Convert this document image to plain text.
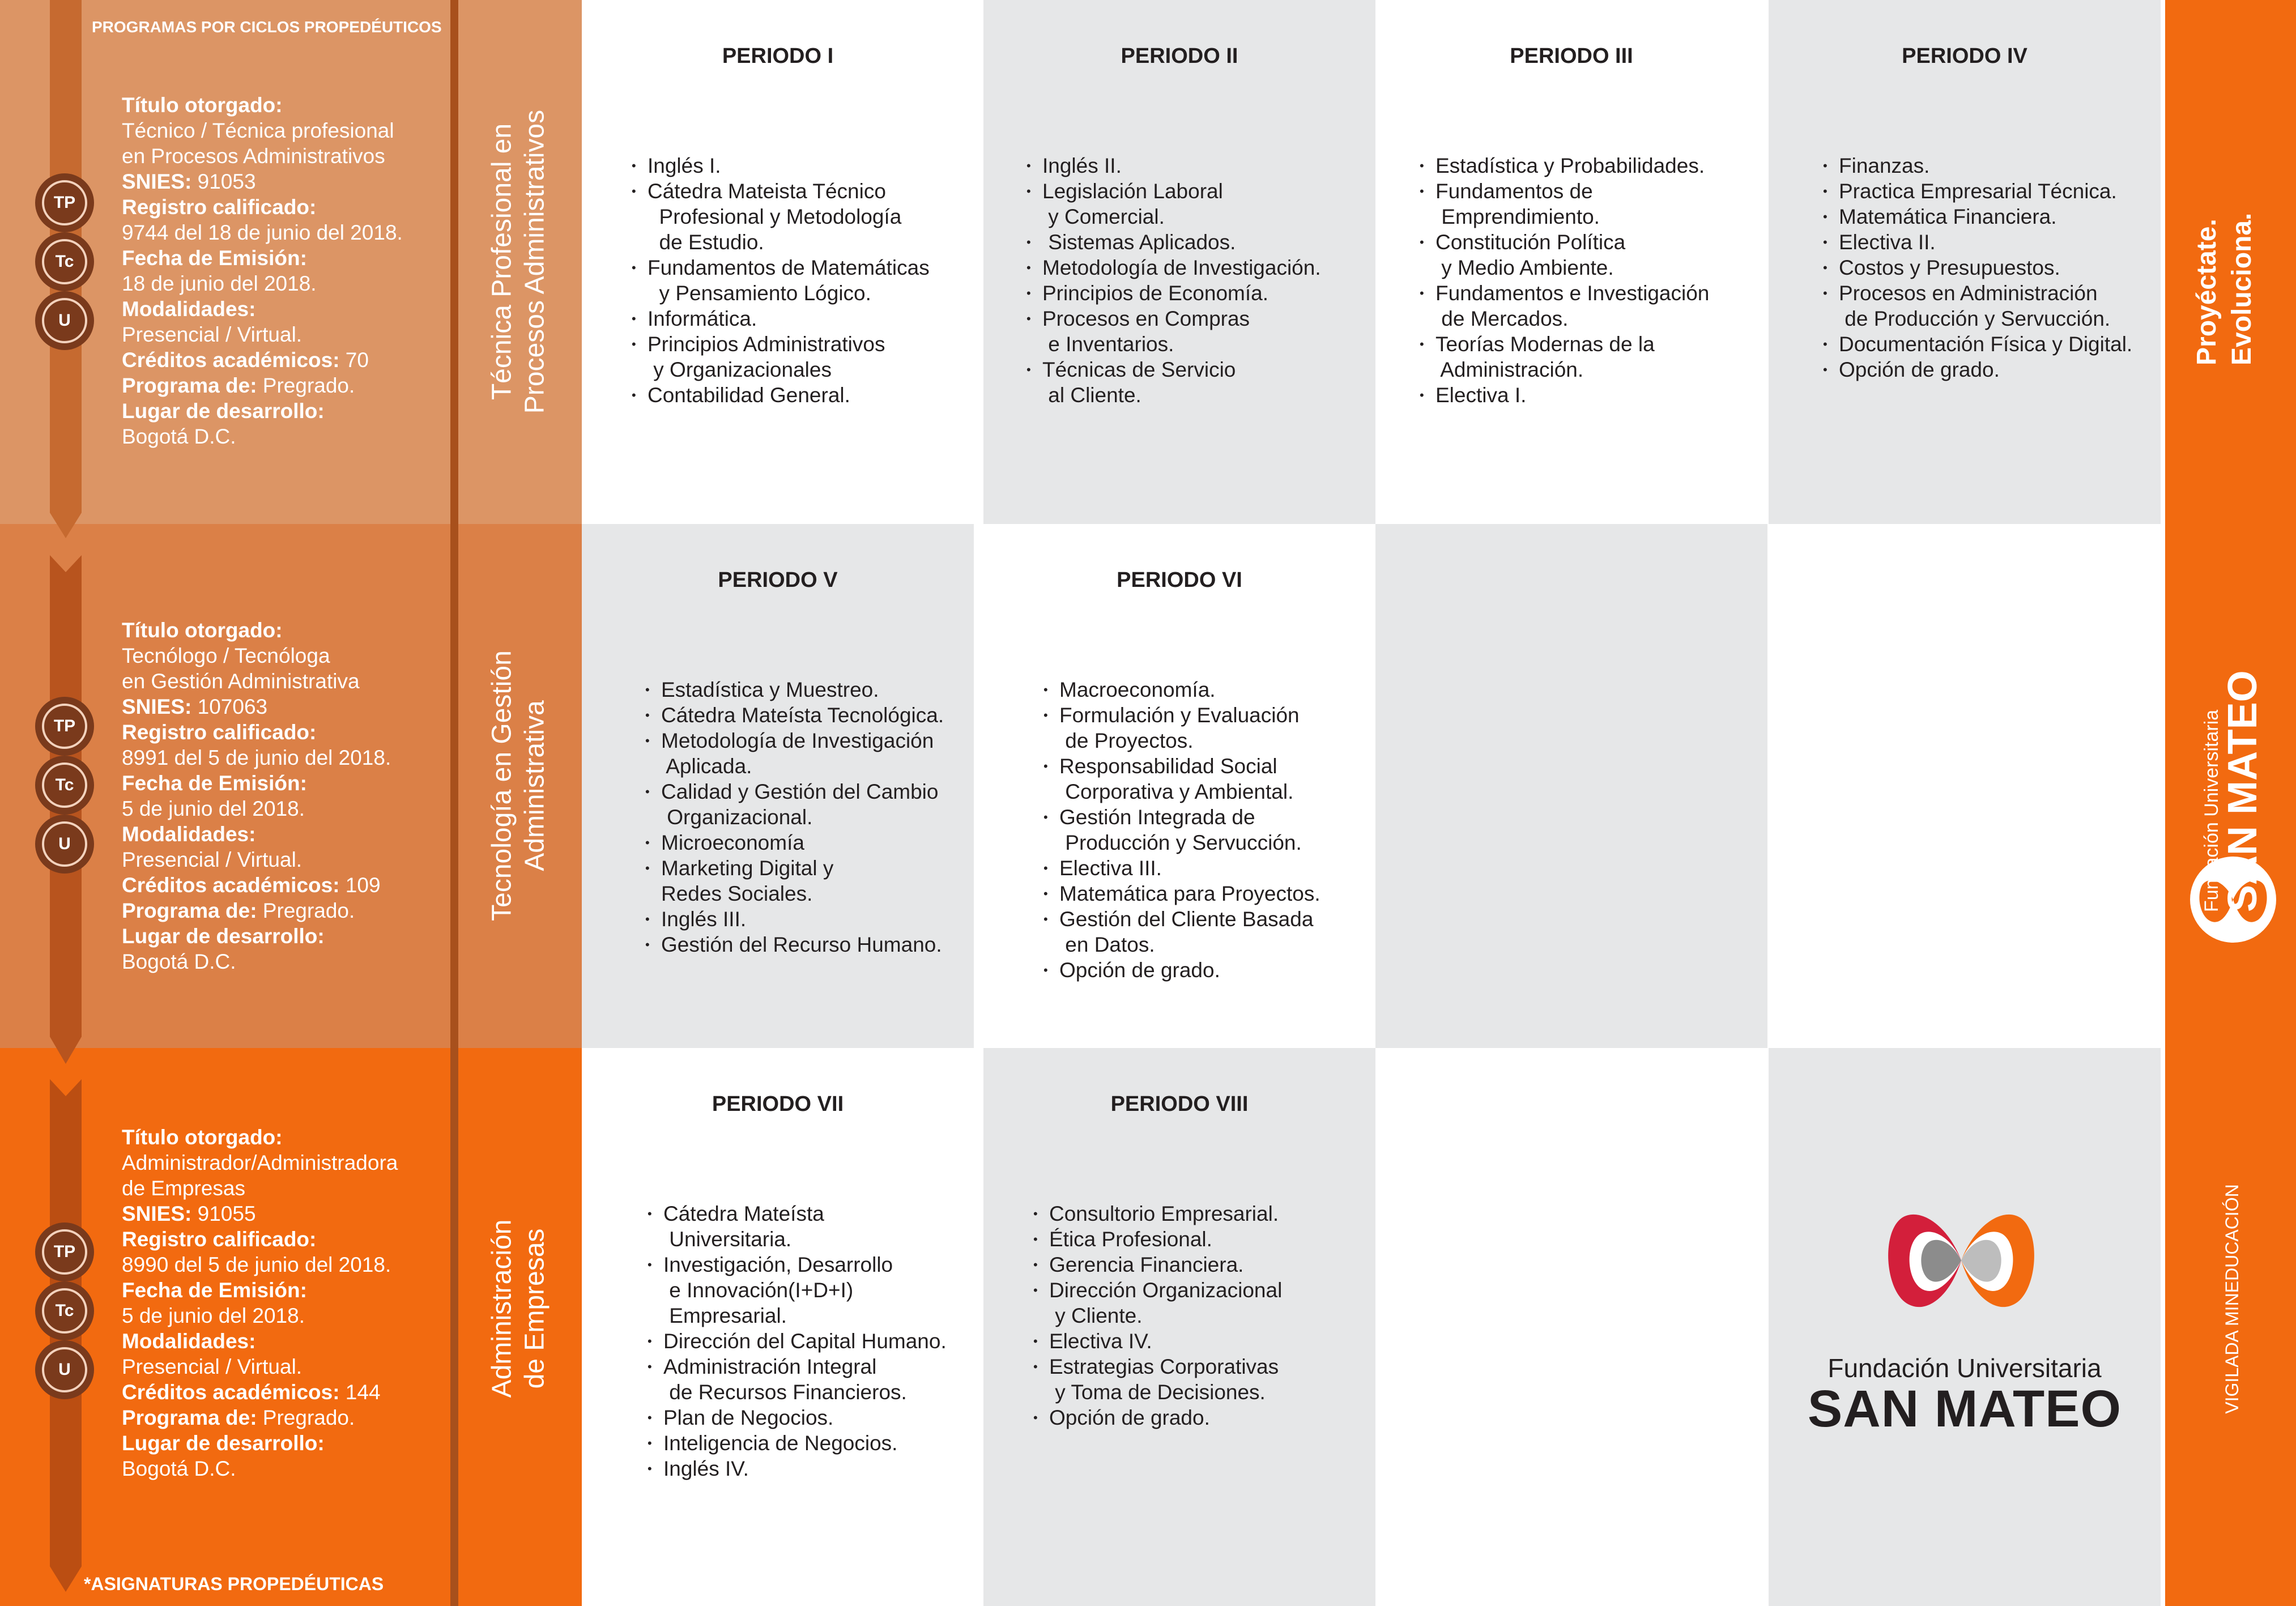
PROGRAMAS POR CICLOS PROPEDÉUTICOS
*ASIGNATURAS PROPEDÉUTICAS
TP
Tc
U
TP
Tc
U
TP
Tc
U
Título otorgado:
Técnico / Técnica profesional
en Procesos Administrativos
SNIES: 91053
Registro calificado:
9744 del 18 de junio del 2018.
Fecha de Emisión:
18 de junio del 2018.
Modalidades:
Presencial / Virtual.
Créditos académicos: 70
Programa de: Pregrado.
Lugar de desarrollo:
Bogotá D.C.
Título otorgado:
Tecnólogo / Tecnóloga
en Gestión Administrativa
SNIES: 107063
Registro calificado:
8991 del 5 de junio del 2018.
Fecha de Emisión:
5 de junio del 2018.
Modalidades:
Presencial / Virtual.
Créditos académicos: 109
Programa de: Pregrado.
Lugar de desarrollo:
Bogotá D.C.
Título otorgado:
Administrador/Administradora
de Empresas
SNIES: 91055
Registro calificado:
8990 del 5 de junio del 2018.
Fecha de Emisión:
5 de junio del 2018.
Modalidades:
Presencial / Virtual.
Créditos académicos: 144
Programa de: Pregrado.
Lugar de desarrollo:
Bogotá D.C.
Técnica Profesional en Procesos Administrativos
Tecnología en Gestión Administrativa
Administración de Empresas
PERIODO I
• Inglés I.
• Cátedra Mateista Técnico
Profesional y Metodología
de Estudio.
• Fundamentos de Matemáticas
y Pensamiento Lógico.
• Informática.
• Principios Administrativos
y Organizacionales
• Contabilidad General.
PERIODO II
• Inglés II.
• Legislación Laboral
y Comercial.
•  Sistemas Aplicados.
• Metodología de Investigación.
• Principios de Economía.
• Procesos en Compras
e Inventarios.
• Técnicas de Servicio
al Cliente.
PERIODO III
• Estadística y Probabilidades.
• Fundamentos de
Emprendimiento.
• Constitución Política
y Medio Ambiente.
• Fundamentos e Investigación
de Mercados.
• Teorías Modernas de la
Administración.
• Electiva I.
PERIODO IV
• Finanzas.
• Practica Empresarial Técnica.
• Matemática Financiera.
• Electiva II.
• Costos y Presupuestos.
• Procesos en Administración
de Producción y Servucción.
• Documentación Física y Digital.
• Opción de grado.
PERIODO V
• Estadística y Muestreo.
• Cátedra Mateísta Tecnológica.
• Metodología de Investigación
Aplicada.
• Calidad y Gestión del Cambio
Organizacional.
• Microeconomía
• Marketing Digital y
Redes Sociales.
• Inglés III.
• Gestión del Recurso Humano.
PERIODO VI
• Macroeconomía.
• Formulación y Evaluación
de Proyectos.
• Responsabilidad Social
Corporativa y Ambiental.
• Gestión Integrada de
Producción y Servucción.
• Electiva III.
• Matemática para Proyectos.
• Gestión del Cliente Basada
en Datos.
• Opción de grado.
PERIODO VII
• Cátedra Mateísta
Universitaria.
• Investigación, Desarrollo
e Innovación(I+D+I)
Empresarial.
• Dirección del Capital Humano.
• Administración Integral
de Recursos Financieros.
• Plan de Negocios.
• Inteligencia de Negocios.
• Inglés IV.
PERIODO VIII
• Consultorio Empresarial.
• Ética Profesional.
• Gerencia Financiera.
• Dirección Organizacional
y Cliente.
• Electiva IV.
• Estrategias Corporativas
y Toma de Decisiones.
• Opción de grado.
Fundación Universitaria
SAN MATEO
Proyéctate. Evoluciona.
Fundación Universitaria
SAN MATEO
VIGILADA MINEDUCACIÓN
